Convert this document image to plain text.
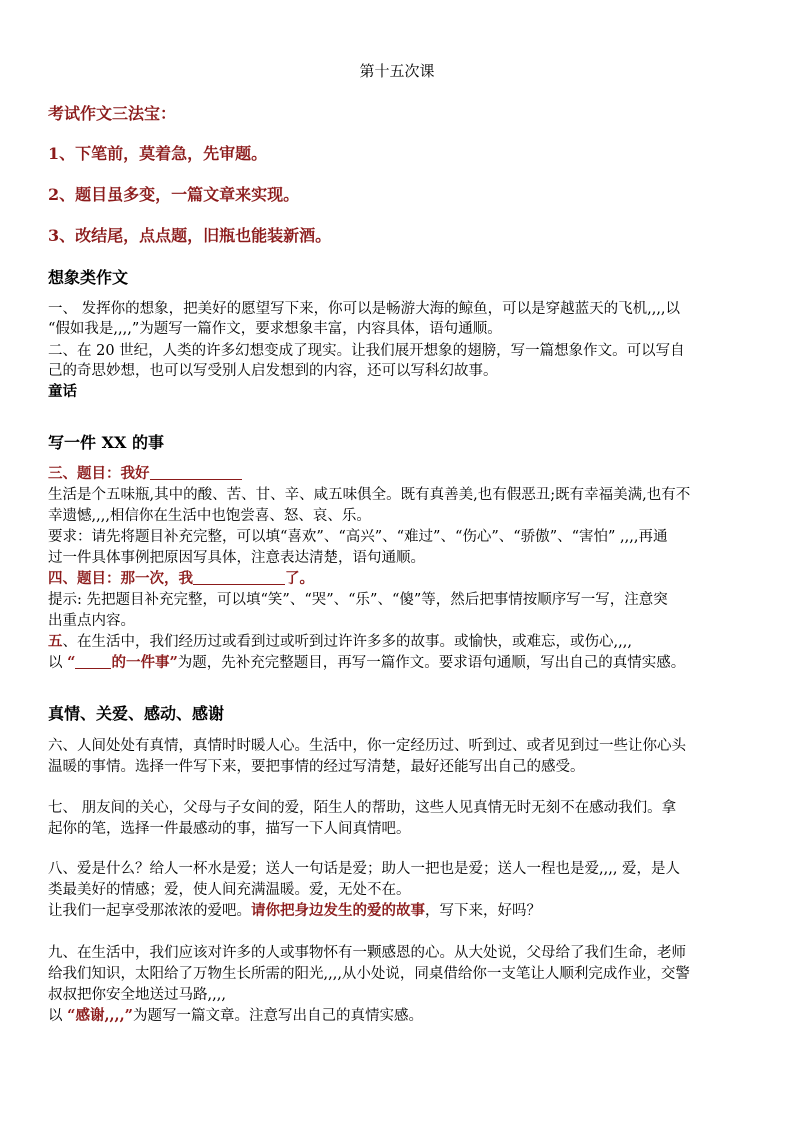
第十五次课
考试作文三法宝：
1、下笔前，莫着急，先审题。
2、题目虽多变，一篇文章来实现。
3、改结尾，点点题，旧瓶也能装新酒。
想象类作文
一、 发挥你的想象，把美好的愿望写下来，你可以是畅游大海的鲸鱼，可以是穿越蓝天的飞机,,,,以
“假如我是,,,,”为题写一篇作文，要求想象丰富，内容具体，语句通顺。
二、在 20 世纪，人类的许多幻想变成了现实。让我们展开想象的翅膀，写一篇想象作文。可以写自
己的奇思妙想，也可以写受别人启发想到的内容，还可以写科幻故事。
童话
写一件 XX 的事
三、题目：我好
生活是个五味瓶,其中的酸、苦、甘、辛、咸五味俱全。既有真善美,也有假恶丑;既有幸福美满,也有不
幸遗憾,,,,相信你在生活中也饱尝喜、怒、哀、乐。
要求：请先将题目补充完整，可以填“喜欢”、“高兴”、“难过”、“伤心”、“骄傲”、“害怕” ,,,,再通
过一件具体事例把原因写具体，注意表达清楚，语句通顺。
四、题目：那一次，我	了。
提示: 先把题目补充完整，可以填“笑”、“哭”、“乐”、“傻”等，然后把事情按顺序写一写，注意突
出重点内容。
五、在生活中，我们经历过或看到过或听到过许许多多的故事。或愉快，或难忘，或伤心,,,,
以 “ 的一件事”为题，先补充完整题目，再写一篇作文。要求语句通顺，写出自己的真情实感。
真情、关爱、感动、感谢
六、人间处处有真情，真情时时暖人心。生活中，你一定经历过、听到过、或者见到过一些让你心头
温暖的事情。选择一件写下来，要把事情的经过写清楚，最好还能写出自己的感受。
七、 朋友间的关心，父母与子女间的爱，陌生人的帮助，这些人见真情无时无刻不在感动我们。拿
起你的笔，选择一件最感动的事，描写一下人间真情吧。
八、爱是什么？给人一杯水是爱；送人一句话是爱；助人一把也是爱；送人一程也是爱,,,, 爱，是人
类最美好的情感；爱，使人间充满温暖。爱，无处不在。
让我们一起享受那浓浓的爱吧。请你把身边发生的爱的故事，写下来，好吗？
九、在生活中，我们应该对许多的人或事物怀有一颗感恩的心。从大处说，父母给了我们生命，老师
给我们知识，太阳给了万物生长所需的阳光,,,,从小处说，同桌借给你一支笔让人顺利完成作业，交警
叔叔把你安全地送过马路,,,,
以 “感谢,,,,”为题写一篇文章。注意写出自己的真情实感。
